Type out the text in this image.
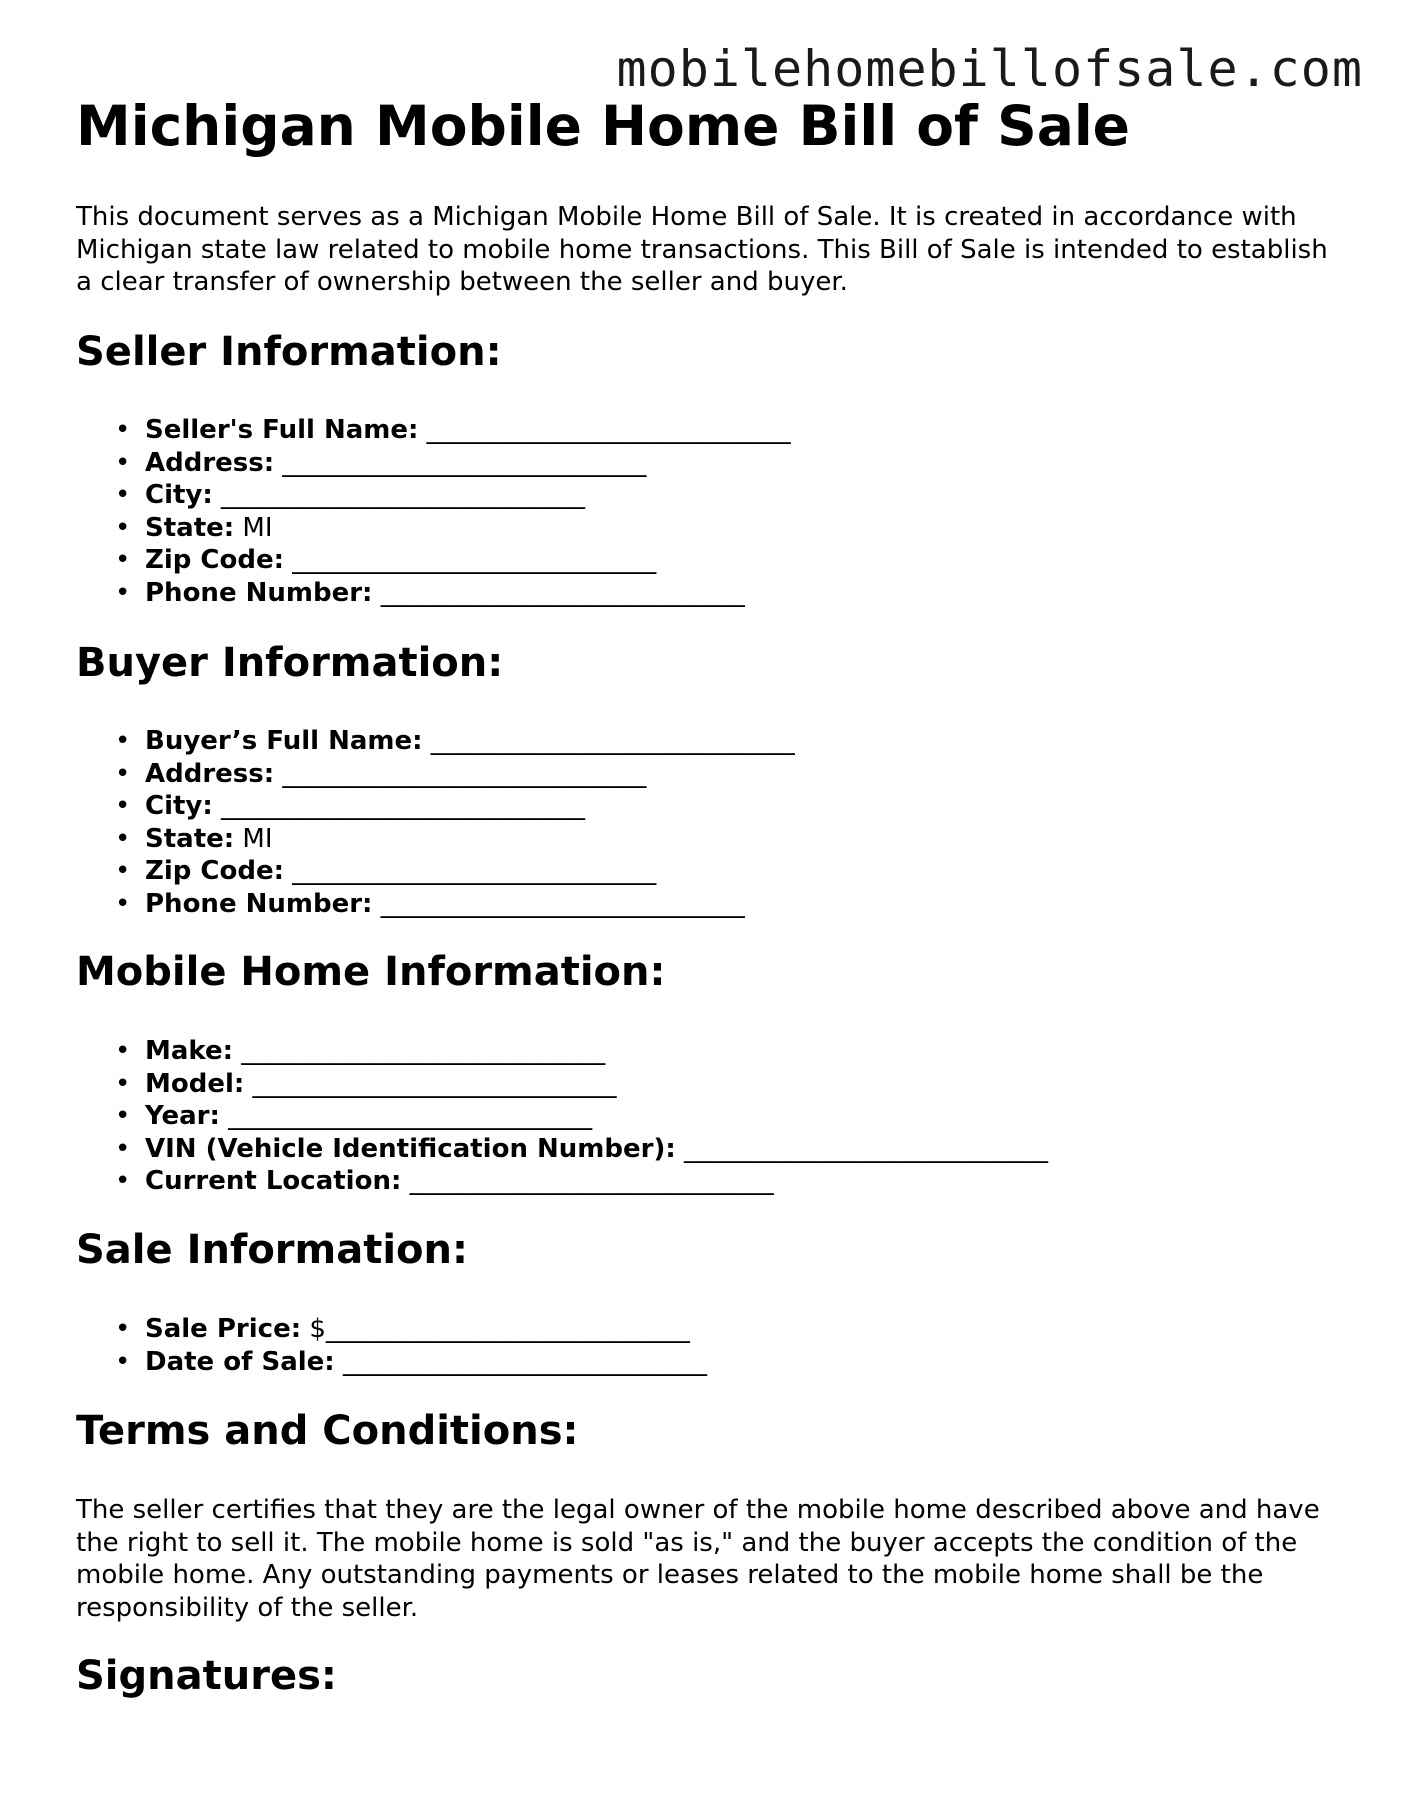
mobilehomebillofsale.com
Michigan Mobile Home Bill of Sale

This document serves as a Michigan Mobile Home Bill of Sale. It is created in accordance with Michigan state law related to mobile home transactions. This Bill of Sale is intended to establish a clear transfer of ownership between the seller and buyer.

Seller Information:
• Seller's Full Name: ____________________________
• Address: ____________________________
• City: ____________________________
• State: MI
• Zip Code: ____________________________
• Phone Number: ____________________________
Buyer Information:
• Buyer’s Full Name: ____________________________
• Address: ____________________________
• City: ____________________________
• State: MI
• Zip Code: ____________________________
• Phone Number: ____________________________
Mobile Home Information:
• Make: ____________________________
• Model: ____________________________
• Year: ____________________________
• VIN (Vehicle Identification Number): ____________________________
• Current Location: ____________________________
Sale Information:
• Sale Price: $____________________________
• Date of Sale: ____________________________
Terms and Conditions:

The seller certifies that they are the legal owner of the mobile home described above and have the right to sell it. The mobile home is sold "as is," and the buyer accepts the condition of the mobile home. Any outstanding payments or leases related to the mobile home shall be the responsibility of the seller.

Signatures:
